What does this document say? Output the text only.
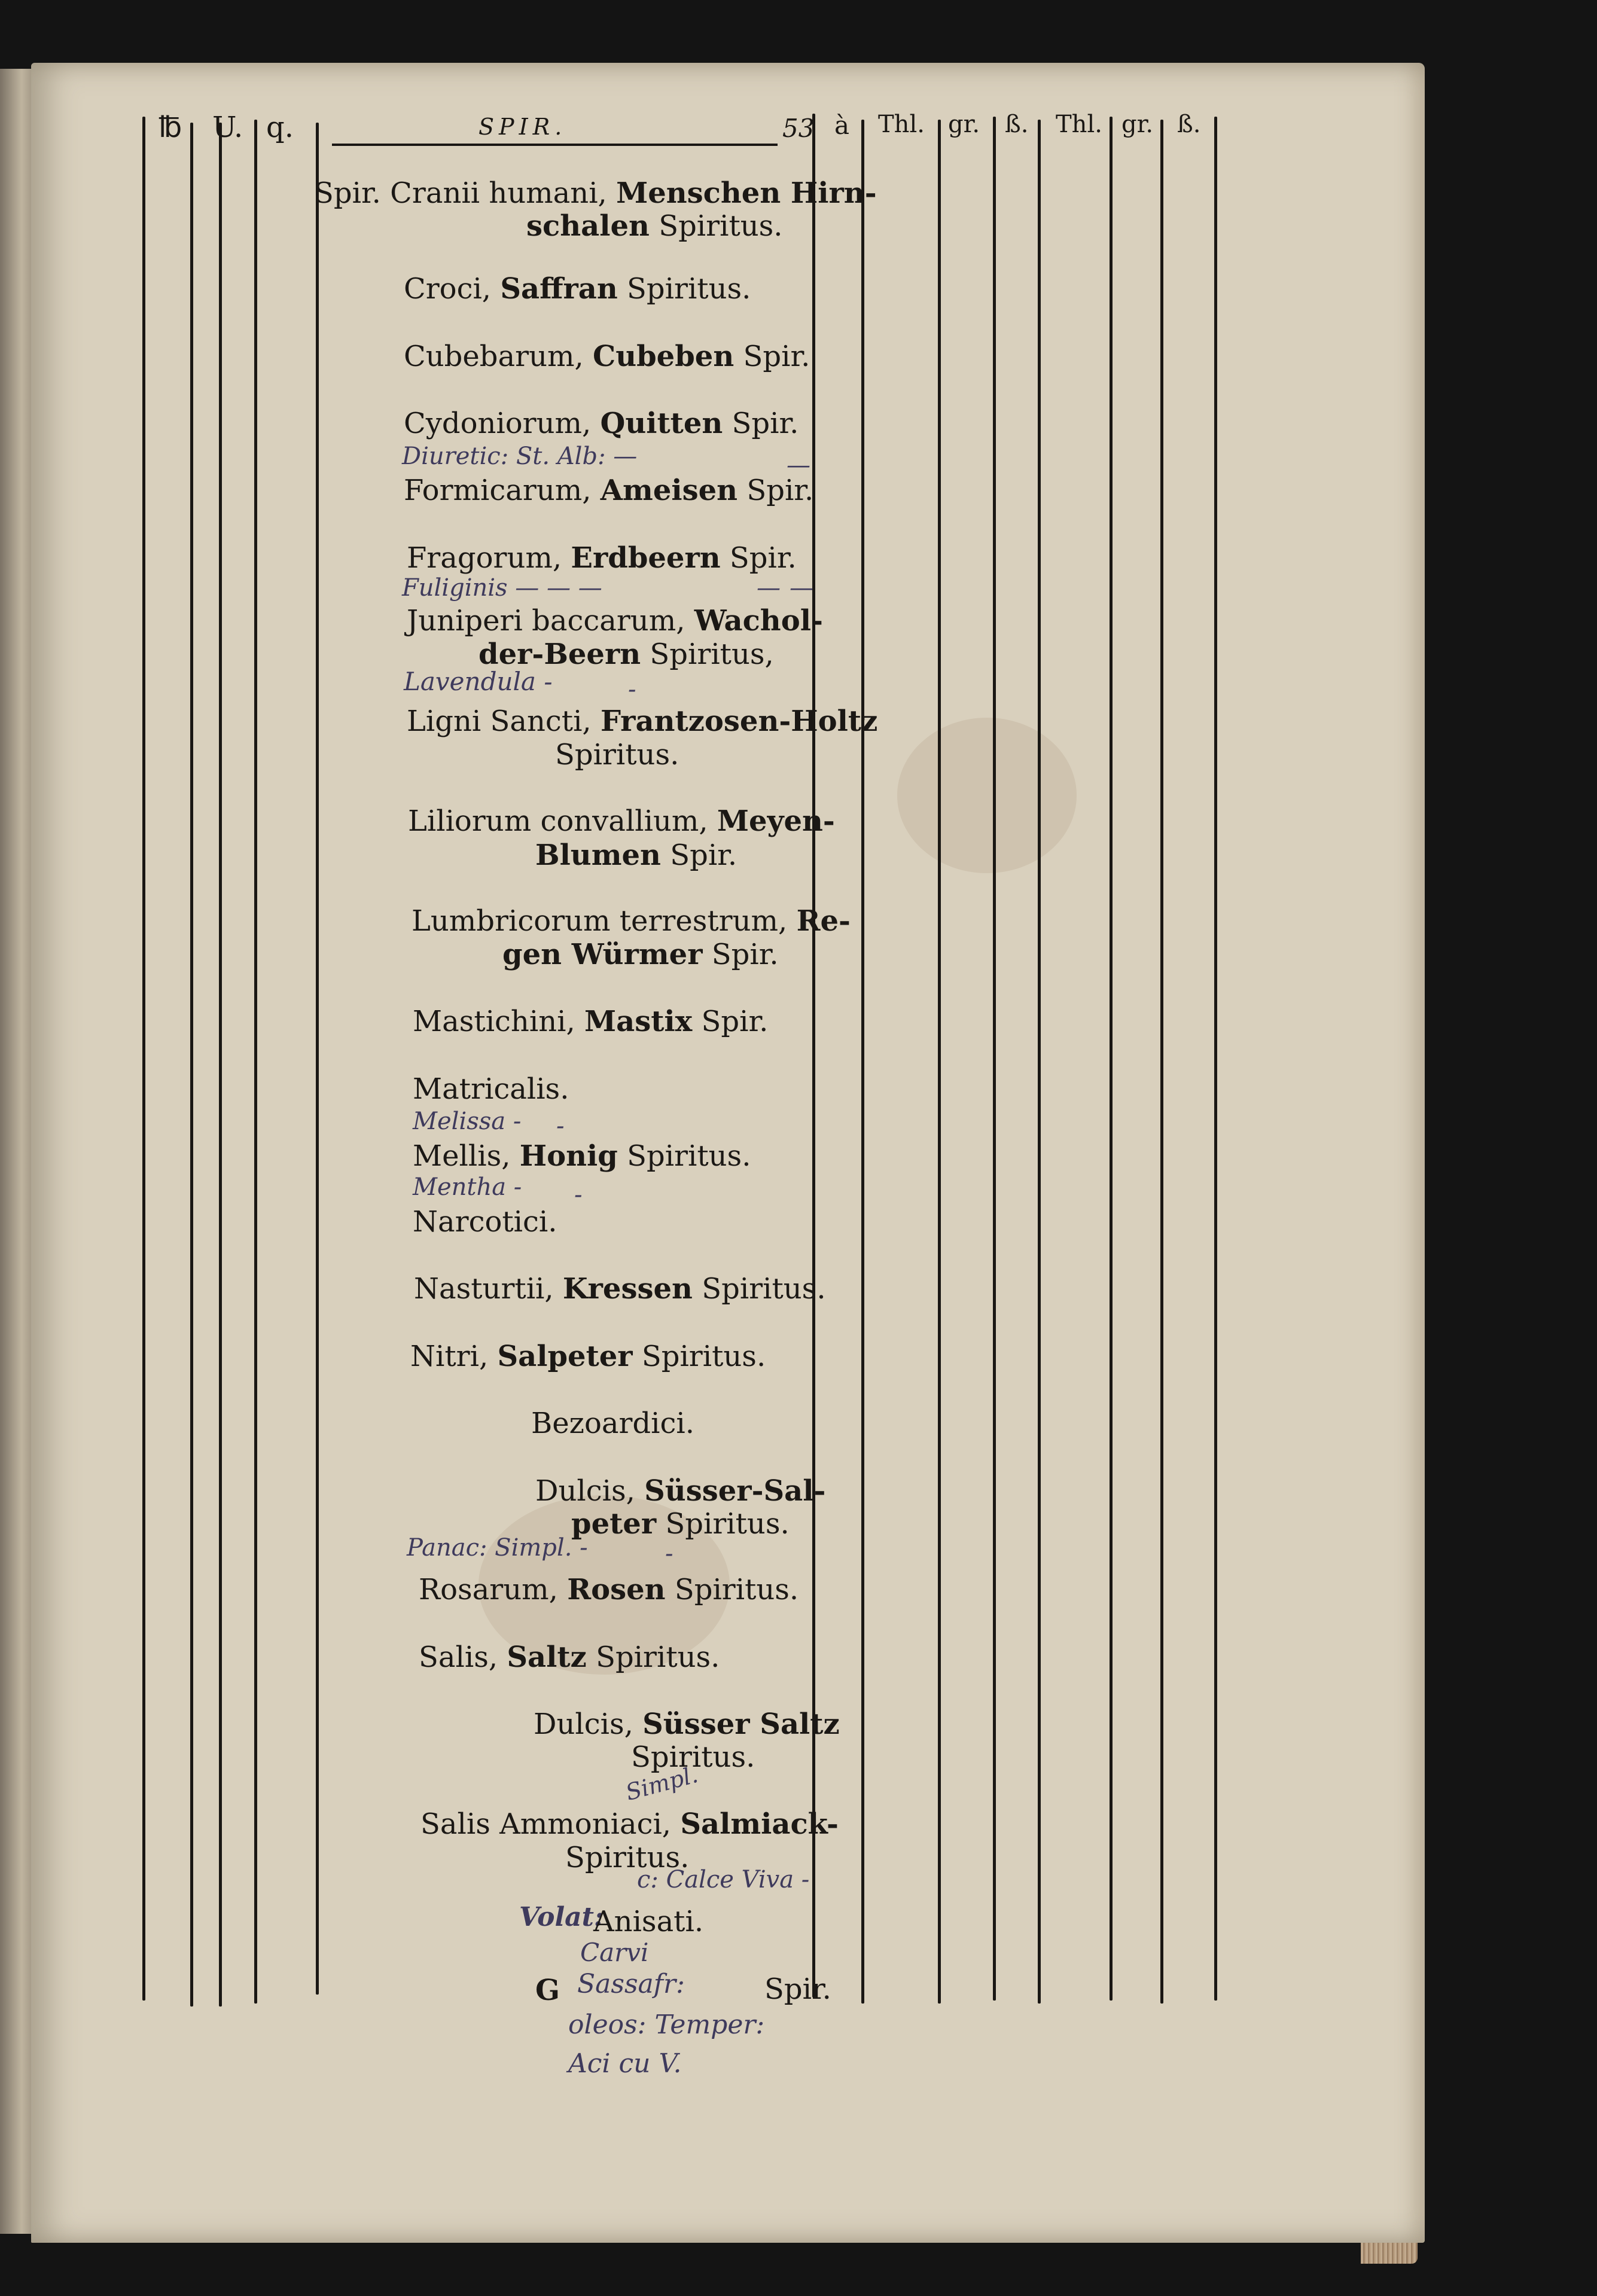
℔ U. q.	SPIR.	53 à Thl. gr. ß. Thl. gr. ß.
Spir. Cranii humani, Menschen Hirn-
schalen Spiritus.
Croci, Saffran Spiritus.
Cubebarum, Cubeben Spir.
Cydoniorum, Quitten Spir.
Diuretic: St. Alb: —
Formicarum, Ameisen Spir.
Fragorum, Erdbeern Spir.
Fuliginis — — —
Juniperi baccarum, Wachol-
der-Beern Spiritus,
Lavendula -
Ligni Sancti, Frantzosen-Holtz
Spiritus.
Liliorum convallium, Meyen-
Blumen Spir.
Lumbricorum terrestrum, Re-
gen Würmer Spir.
Mastichini, Mastix Spir.
Matricalis.
Melissa -
Mellis, Honig Spiritus.
Mentha -
Narcotici.
Nasturtii, Kressen Spiritus.
Nitri, Salpeter Spiritus.
Bezoardici.
Dulcis, Süsser-Sal-
peter Spiritus.
Panac: Simpl. -
Rosarum, Rosen Spiritus.
Salis, Saltz Spiritus.
Dulcis, Süsser Saltz
Spiritus.
Simpl.
Salis Ammoniaci, Salmiack-
Spiritus.
c: Calce Viva -
Volat:
Anisati.
Carvi
G Sassafr:	Spir.
oleos: Temper:
Aci cu V.
—
— —
-
-
-
-
